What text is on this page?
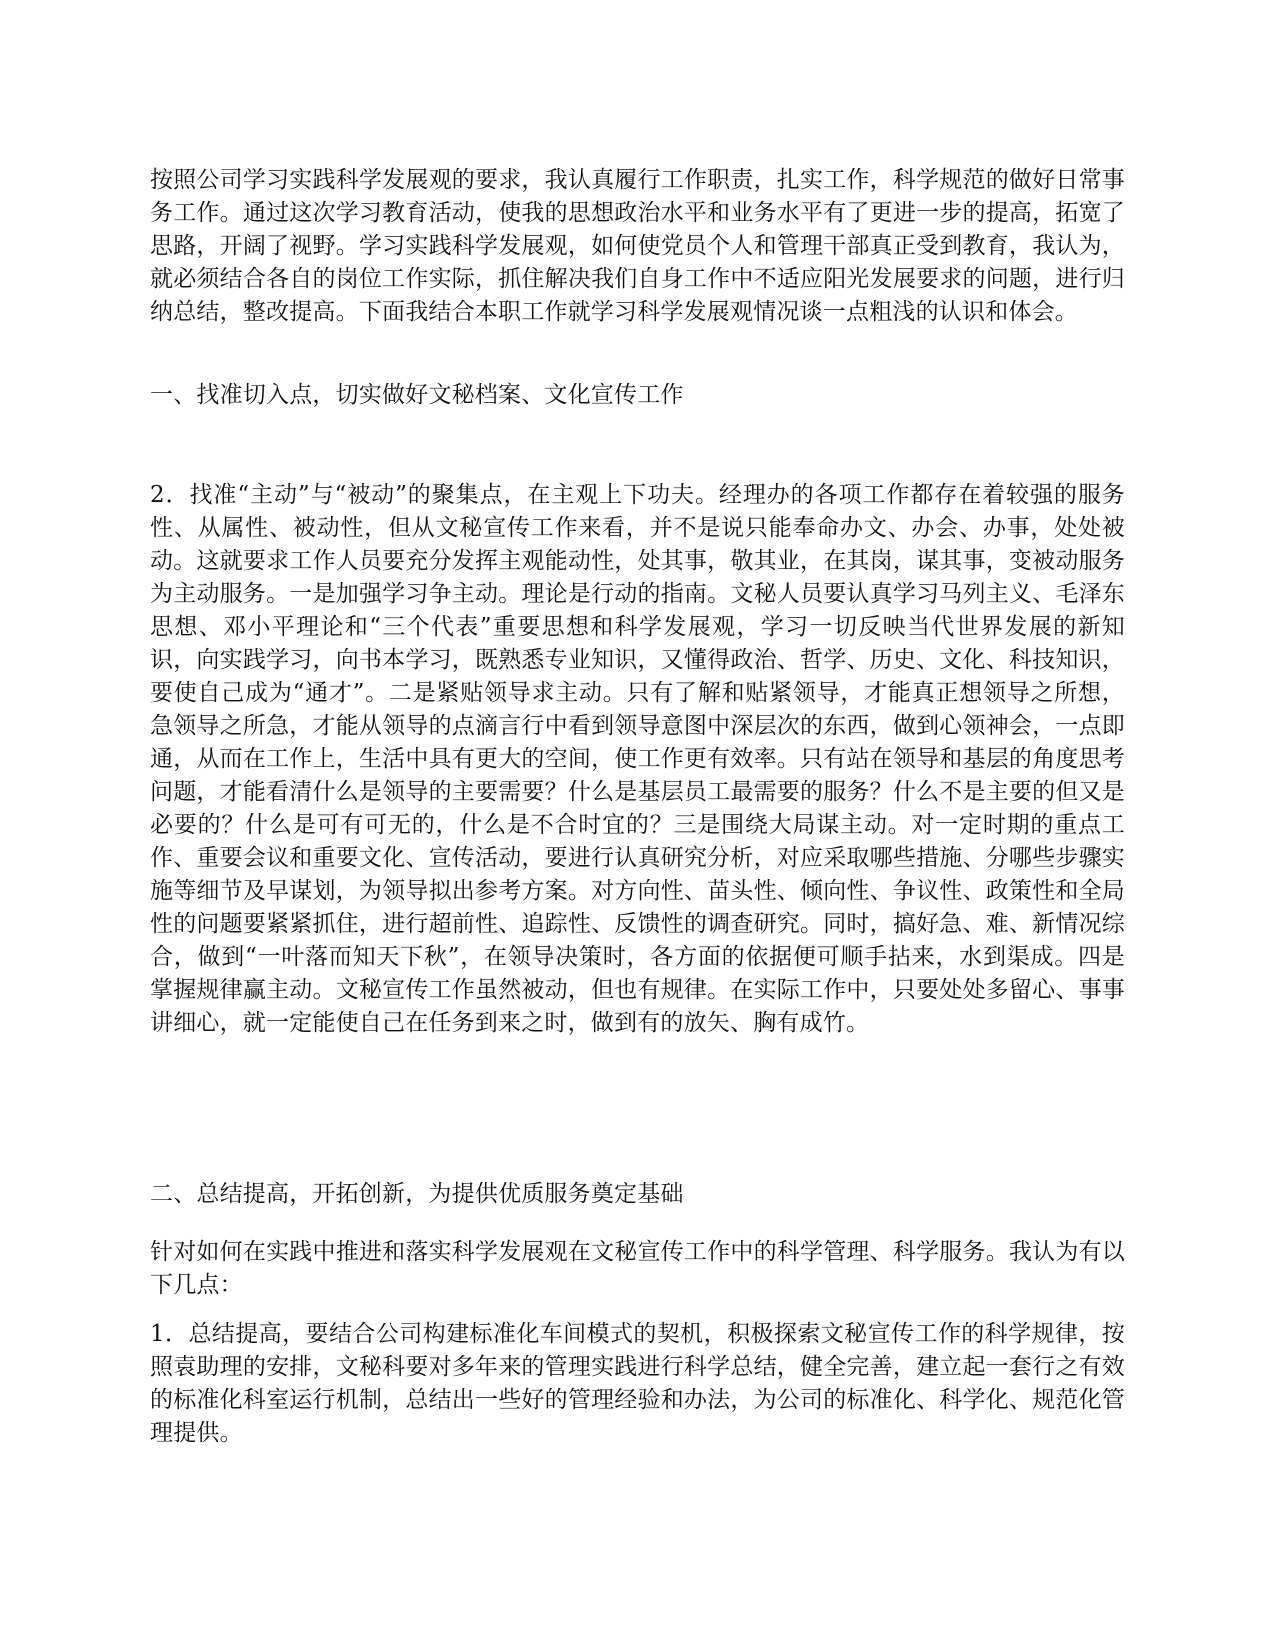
按照公司学习实践科学发展观的要求，我认真履行工作职责，扎实工作，科学规范的做好日常事务工作。通过这次学习教育活动，使我的思想政治水平和业务水平有了更进一步的提高，拓宽了思路，开阔了视野。学习实践科学发展观，如何使党员个人和管理干部真正受到教育，我认为，就必须结合各自的岗位工作实际，抓住解决我们自身工作中不适应阳光发展要求的问题，进行归纳总结，整改提高。下面我结合本职工作就学习科学发展观情况谈一点粗浅的认识和体会。

一、找准切入点，切实做好文秘档案、文化宣传工作

2．找准“主动”与“被动”的聚集点，在主观上下功夫。经理办的各项工作都存在着较强的服务性、从属性、被动性，但从文秘宣传工作来看，并不是说只能奉命办文、办会、办事，处处被动。这就要求工作人员要充分发挥主观能动性，处其事，敬其业，在其岗，谋其事，变被动服务为主动服务。一是加强学习争主动。理论是行动的指南。文秘人员要认真学习马列主义、毛泽东思想、邓小平理论和“三个代表”重要思想和科学发展观，学习一切反映当代世界发展的新知识，向实践学习，向书本学习，既熟悉专业知识，又懂得政治、哲学、历史、文化、科技知识，要使自己成为“通才”。二是紧贴领导求主动。只有了解和贴紧领导，才能真正想领导之所想，急领导之所急，才能从领导的点滴言行中看到领导意图中深层次的东西，做到心领神会，一点即通，从而在工作上，生活中具有更大的空间，使工作更有效率。只有站在领导和基层的角度思考问题，才能看清什么是领导的主要需要？什么是基层员工最需要的服务？什么不是主要的但又是必要的？什么是可有可无的，什么是不合时宜的？三是围绕大局谋主动。对一定时期的重点工作、重要会议和重要文化、宣传活动，要进行认真研究分析，对应采取哪些措施、分哪些步骤实施等细节及早谋划，为领导拟出参考方案。对方向性、苗头性、倾向性、争议性、政策性和全局性的问题要紧紧抓住，进行超前性、追踪性、反馈性的调查研究。同时，搞好急、难、新情况综合，做到“一叶落而知天下秋”，在领导决策时，各方面的依据便可顺手拈来，水到渠成。四是掌握规律赢主动。文秘宣传工作虽然被动，但也有规律。在实际工作中，只要处处多留心、事事讲细心，就一定能使自己在任务到来之时，做到有的放矢、胸有成竹。

二、总结提高，开拓创新，为提供优质服务奠定基础

针对如何在实践中推进和落实科学发展观在文秘宣传工作中的科学管理、科学服务。我认为有以下几点：

1．总结提高，要结合公司构建标准化车间模式的契机，积极探索文秘宣传工作的科学规律，按照袁助理的安排，文秘科要对多年来的管理实践进行科学总结，健全完善，建立起一套行之有效的标准化科室运行机制，总结出一些好的管理经验和办法，为公司的标准化、科学化、规范化管理提供。
